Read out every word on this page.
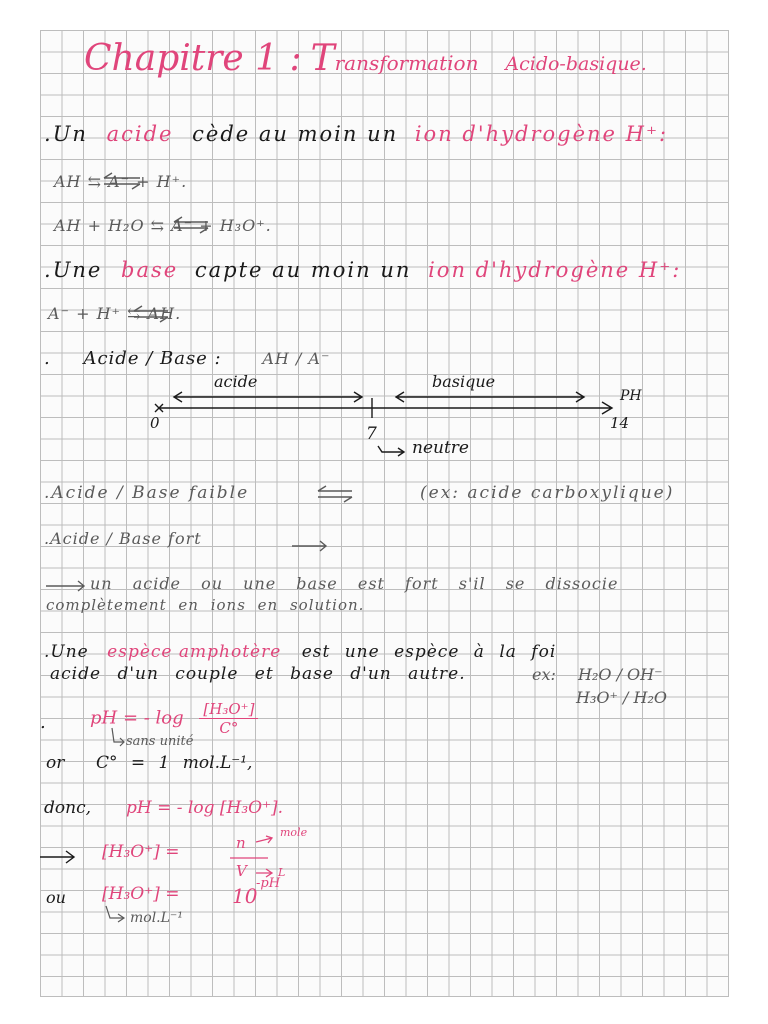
Chapitre 1 : Transformation Acido-basique.
.Un acide cède au moin un ion d'hydrogène H⁺:
AH ⇆ A⁻ + H⁺.
AH + H₂O ⇆ A⁻ + H₃O⁺.
.Une base capte au moin un ion d'hydrogène H⁺:
A⁻ + H⁺ ⇆ AH.
. Acide / Base :	AH / A⁻
acide	basique
PH
0
7
14
neutre
.Acide / Base faible	(ex: acide carboxylique)
.Acide / Base fort
un acide ou une base est fort s'il se dissocie
complètement en ions en solution.
.Une espèce amphotère est une espèce à la foi
acide d'un couple et base d'un autre.	ex: H₂O / OH⁻
H₃O⁺ / H₂O
. pH = - $\log \frac{\text{[H₃O⁺]}}{C^\circ}$
sans unité
or C° = 1 mol.L⁻¹,
donc, pH = - log [H₃O⁺].
[H₃O⁺] =	n
mole
V	L
ou [H₃O⁺] =	10
-pH
mol.L⁻¹
